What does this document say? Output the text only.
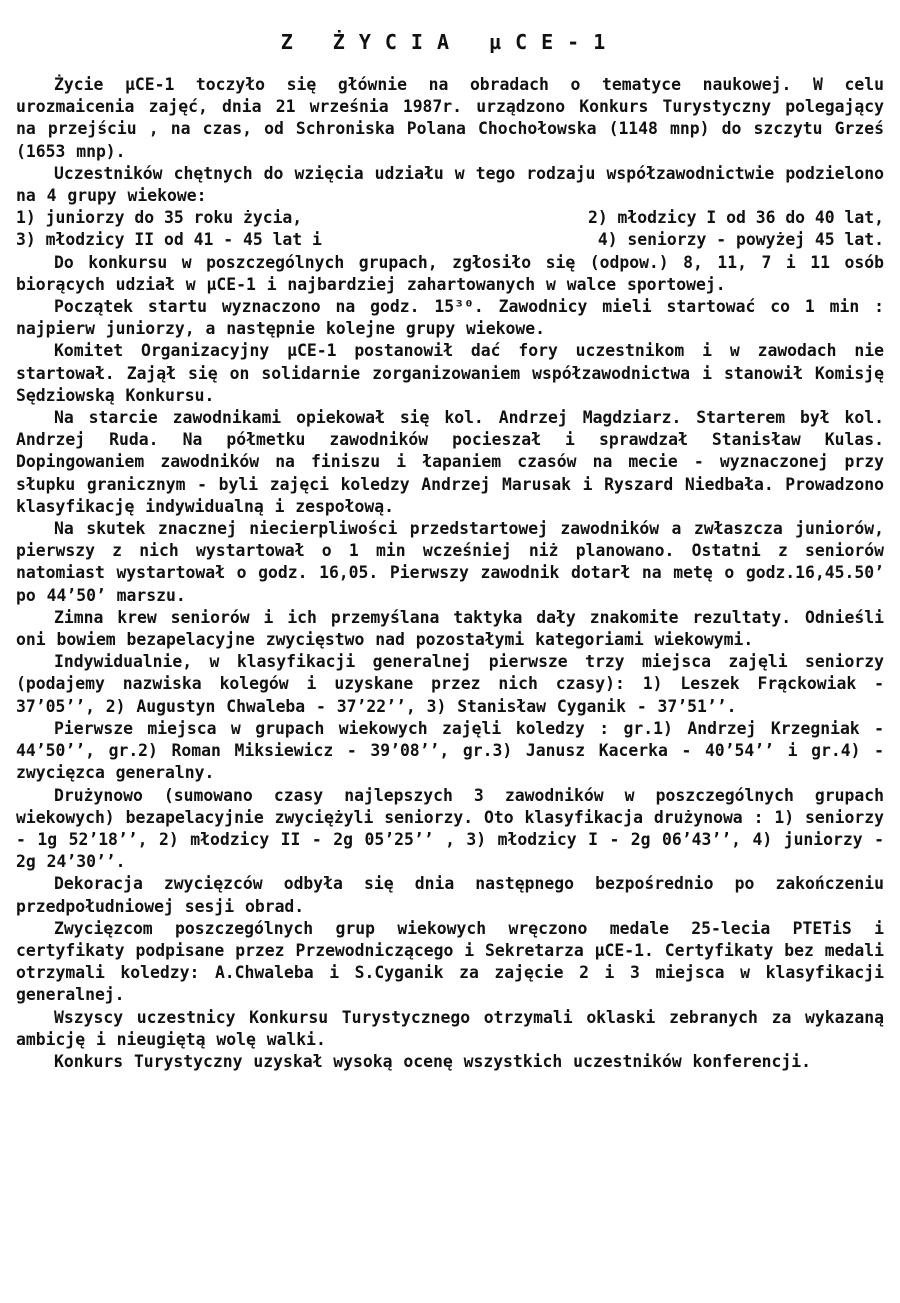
Z ŻYCIA µCE-1

Życie µCE-1 toczyło się głównie na obradach o tematyce naukowej. W celu urozmaicenia zajęć, dnia 21 września 1987r. urządzono Konkurs Turystyczny polegający na przejściu , na czas, od Schroniska Polana Chochołowska (1148 mnp) do szczytu Grześ (1653 mnp).

Uczestników chętnych do wzięcia udziału w tego rodzaju współzawodnictwie podzielono na 4 grupy wiekowe:

1) juniorzy do 35 roku życia,	2) młodzicy I od 36 do 40 lat,
3) młodzicy II od 41 - 45 lat i	4) seniorzy - powyżej 45 lat.

Do konkursu w poszczególnych grupach, zgłosiło się (odpow.) 8, 11, 7 i 11 osób biorących udział w µCE-1 i najbardziej zahartowanych w walce sportowej.

Początek startu wyznaczono na godz. 15³⁰. Zawodnicy mieli startować co 1 min : najpierw juniorzy, a następnie kolejne grupy wiekowe.

Komitet Organizacyjny µCE-1 postanowił dać fory uczestnikom i w zawodach nie startował. Zajął się on solidarnie zorganizowaniem współzawodnictwa i stanowił Komisję Sędziowską Konkursu.

Na starcie zawodnikami opiekował się kol. Andrzej Magdziarz. Starterem był kol. Andrzej Ruda. Na półmetku zawodników pocieszał i sprawdzał Stanisław Kulas. Dopingowaniem zawodników na finiszu i łapaniem czasów na mecie - wyznaczonej przy słupku granicznym - byli zajęci koledzy Andrzej Marusak i Ryszard Niedbała. Prowadzono klasyfikację indywidualną i zespołową.

Na skutek znacznej niecierpliwości przedstartowej zawodników a zwłaszcza juniorów, pierwszy z nich wystartował o 1 min wcześniej niż planowano. Ostatni z seniorów natomiast wystartował o godz. 16,05. Pierwszy zawodnik dotarł na metę o godz.16,45.50’ po 44’50’ marszu.

Zimna krew seniorów i ich przemyślana taktyka dały znakomite rezultaty. Odnieśli oni bowiem bezapelacyjne zwycięstwo nad pozostałymi kategoriami wiekowymi.

Indywidualnie, w klasyfikacji generalnej pierwsze trzy miejsca zajęli seniorzy (podajemy nazwiska kolegów i uzyskane przez nich czasy): 1) Leszek Frąckowiak - 37’05’’, 2) Augustyn Chwaleba - 37’22’’, 3) Stanisław Cyganik - 37’51’’.

Pierwsze miejsca w grupach wiekowych zajęli koledzy : gr.1) Andrzej Krzegniak - 44’50’’, gr.2) Roman Miksiewicz - 39’08’’, gr.3) Janusz Kacerka - 40’54’’ i gr.4) - zwycięzca generalny.

Drużynowo (sumowano czasy najlepszych 3 zawodników w poszczególnych grupach wiekowych) bezapelacyjnie zwyciężyli seniorzy. Oto klasyfikacja drużynowa : 1) seniorzy - 1g 52’18’’, 2) młodzicy II - 2g 05’25’’ , 3) młodzicy I - 2g 06’43’’, 4) juniorzy - 2g 24’30’’.

Dekoracja zwycięzców odbyła się dnia następnego bezpośrednio po zakończeniu przedpołudniowej sesji obrad.

Zwycięzcom poszczególnych grup wiekowych wręczono medale 25-lecia PTETiS i certyfikaty podpisane przez Przewodniczącego i Sekretarza µCE-1. Certyfikaty bez medali otrzymali koledzy: A.Chwaleba i S.Cyganik za zajęcie 2 i 3 miejsca w klasyfikacji generalnej.

Wszyscy uczestnicy Konkursu Turystycznego otrzymali oklaski zebranych za wykazaną ambicję i nieugiętą wolę walki.

Konkurs Turystyczny uzyskał wysoką ocenę wszystkich uczestników konferencji.
